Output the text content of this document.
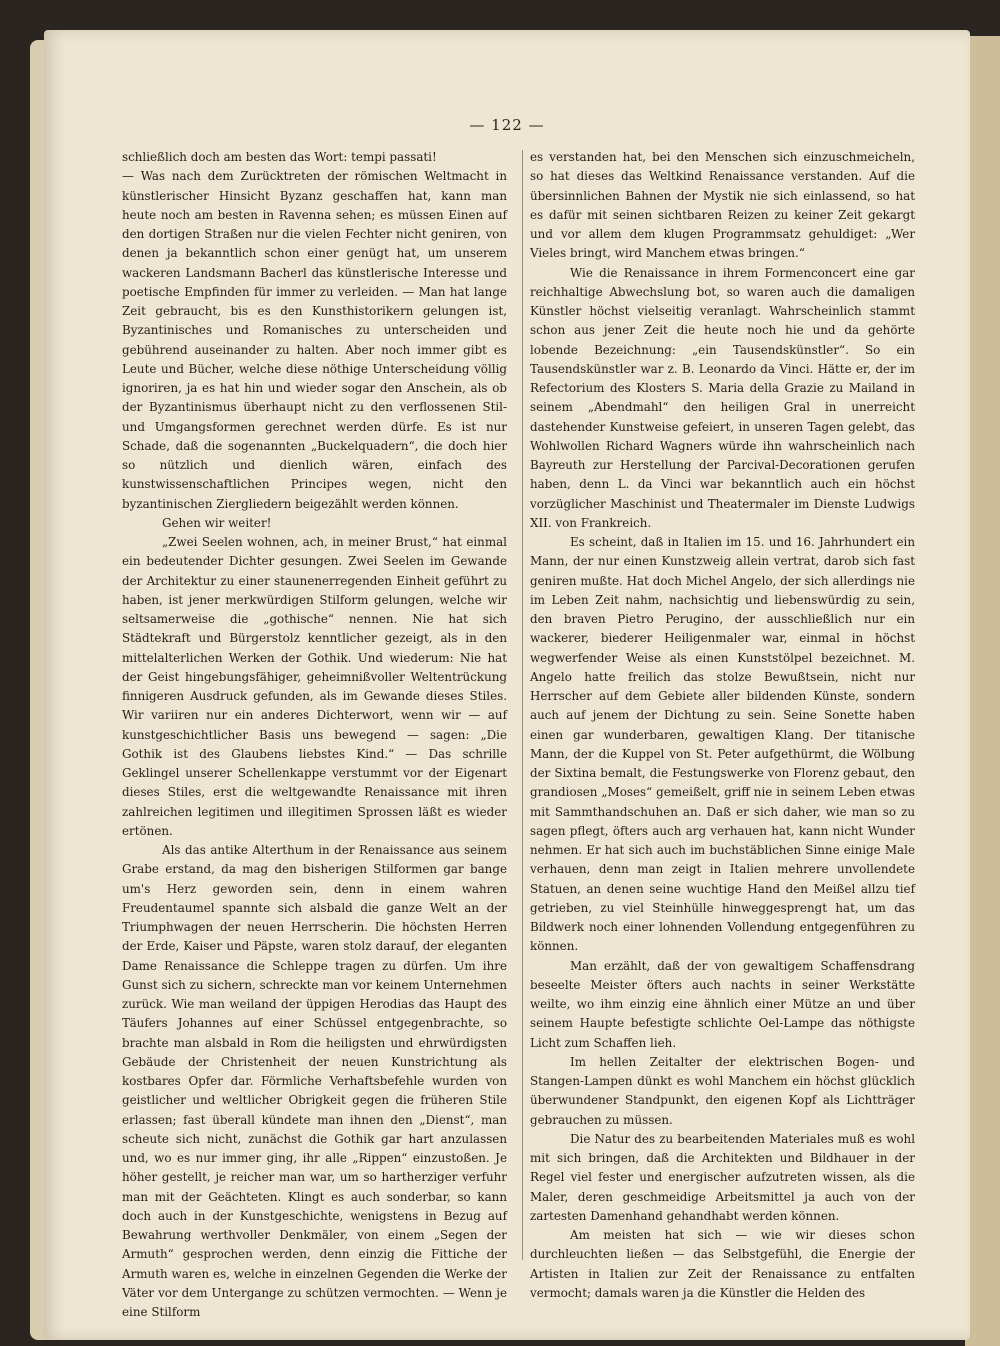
— 122 —

schließlich doch am besten das Wort: tempi passati!

— Was nach dem Zurücktreten der römischen Weltmacht in künstlerischer Hinsicht Byzanz geschaffen hat, kann man heute noch am besten in Ravenna sehen; es müssen Einen auf den dortigen Straßen nur die vielen Fechter nicht geniren, von denen ja bekanntlich schon einer genügt hat, um unserem wackeren Landsmann Bacherl das künstlerische Interesse und poetische Empfinden für immer zu verleiden. — Man hat lange Zeit gebraucht, bis es den Kunsthistorikern gelungen ist, Byzantinisches und Romanisches zu unterscheiden und gebührend auseinander zu halten. Aber noch immer gibt es Leute und Bücher, welche diese nöthige Unterscheidung völlig ignoriren, ja es hat hin und wieder sogar den Anschein, als ob der Byzantinismus überhaupt nicht zu den verflossenen Stil- und Umgangsformen gerechnet werden dürfe. Es ist nur Schade, daß die sogenannten „Buckelquadern“, die doch hier so nützlich und dienlich wären, einfach des kunstwissenschaftlichen Principes wegen, nicht den byzantinischen Ziergliedern beigezählt werden können.

Gehen wir weiter!

„Zwei Seelen wohnen, ach, in meiner Brust,“ hat einmal ein bedeutender Dichter gesungen. Zwei Seelen im Gewande der Architektur zu einer staunenerregenden Einheit geführt zu haben, ist jener merkwürdigen Stilform gelungen, welche wir seltsamerweise die „gothische“ nennen. Nie hat sich Städtekraft und Bürgerstolz kenntlicher gezeigt, als in den mittelalterlichen Werken der Gothik. Und wiederum: Nie hat der Geist hingebungsfähiger, geheimnißvoller Weltentrückung finnigeren Ausdruck gefunden, als im Gewande dieses Stiles. Wir variiren nur ein anderes Dichterwort, wenn wir — auf kunstgeschichtlicher Basis uns bewegend — sagen: „Die Gothik ist des Glaubens liebstes Kind.“ — Das schrille Geklingel unserer Schellenkappe verstummt vor der Eigenart dieses Stiles, erst die weltgewandte Renaissance mit ihren zahlreichen legitimen und illegitimen Sprossen läßt es wieder ertönen.

Als das antike Alterthum in der Renaissance aus seinem Grabe erstand, da mag den bisherigen Stilformen gar bange um's Herz geworden sein, denn in einem wahren Freudentaumel spannte sich alsbald die ganze Welt an der Triumphwagen der neuen Herrscherin. Die höchsten Herren der Erde, Kaiser und Päpste, waren stolz darauf, der eleganten Dame Renaissance die Schleppe tragen zu dürfen. Um ihre Gunst sich zu sichern, schreckte man vor keinem Unternehmen zurück. Wie man weiland der üppigen Herodias das Haupt des Täufers Johannes auf einer Schüssel entgegenbrachte, so brachte man alsbald in Rom die heiligsten und ehrwürdigsten Gebäude der Christenheit der neuen Kunstrichtung als kostbares Opfer dar. Förmliche Verhaftsbefehle wurden von geistlicher und weltlicher Obrigkeit gegen die früheren Stile erlassen; fast überall kündete man ihnen den „Dienst“, man scheute sich nicht, zunächst die Gothik gar hart anzulassen und, wo es nur immer ging, ihr alle „Rippen“ einzustoßen. Je höher gestellt, je reicher man war, um so hartherziger verfuhr man mit der Geächteten. Klingt es auch sonderbar, so kann doch auch in der Kunstgeschichte, wenigstens in Bezug auf Bewahrung werthvoller Denkmäler, von einem „Segen der Armuth“ gesprochen werden, denn einzig die Fittiche der Armuth waren es, welche in einzelnen Gegenden die Werke der Väter vor dem Untergange zu schützen vermochten. — Wenn je eine Stilform

es verstanden hat, bei den Menschen sich einzuschmeicheln, so hat dieses das Weltkind Renaissance verstanden. Auf die übersinnlichen Bahnen der Mystik nie sich einlassend, so hat es dafür mit seinen sichtbaren Reizen zu keiner Zeit gekargt und vor allem dem klugen Programmsatz gehuldiget: „Wer Vieles bringt, wird Manchem etwas bringen.“

Wie die Renaissance in ihrem Formenconcert eine gar reichhaltige Abwechslung bot, so waren auch die damaligen Künstler höchst vielseitig veranlagt. Wahrscheinlich stammt schon aus jener Zeit die heute noch hie und da gehörte lobende Bezeichnung: „ein Tausendskünstler“. So ein Tausendskünstler war z. B. Leonardo da Vinci. Hätte er, der im Refectorium des Klosters S. Maria della Grazie zu Mailand in seinem „Abendmahl“ den heiligen Gral in unerreicht dastehender Kunstweise gefeiert, in unseren Tagen gelebt, das Wohlwollen Richard Wagners würde ihn wahrscheinlich nach Bayreuth zur Herstellung der Parcival-Decorationen gerufen haben, denn L. da Vinci war bekanntlich auch ein höchst vorzüglicher Maschinist und Theatermaler im Dienste Ludwigs XII. von Frankreich.

Es scheint, daß in Italien im 15. und 16. Jahrhundert ein Mann, der nur einen Kunstzweig allein vertrat, darob sich fast geniren mußte. Hat doch Michel Angelo, der sich allerdings nie im Leben Zeit nahm, nachsichtig und liebenswürdig zu sein, den braven Pietro Perugino, der ausschließlich nur ein wackerer, biederer Heiligenmaler war, einmal in höchst wegwerfender Weise als einen Kunststölpel bezeichnet. M. Angelo hatte freilich das stolze Bewußtsein, nicht nur Herrscher auf dem Gebiete aller bildenden Künste, sondern auch auf jenem der Dichtung zu sein. Seine Sonette haben einen gar wunderbaren, gewaltigen Klang. Der titanische Mann, der die Kuppel von St. Peter aufgethürmt, die Wölbung der Sixtina bemalt, die Festungswerke von Florenz gebaut, den grandiosen „Moses“ gemeißelt, griff nie in seinem Leben etwas mit Sammthandschuhen an. Daß er sich daher, wie man so zu sagen pflegt, öfters auch arg verhauen hat, kann nicht Wunder nehmen. Er hat sich auch im buchstäblichen Sinne einige Male verhauen, denn man zeigt in Italien mehrere unvollendete Statuen, an denen seine wuchtige Hand den Meißel allzu tief getrieben, zu viel Steinhülle hinweggesprengt hat, um das Bildwerk noch einer lohnenden Vollendung entgegenführen zu können.

Man erzählt, daß der von gewaltigem Schaffensdrang beseelte Meister öfters auch nachts in seiner Werkstätte weilte, wo ihm einzig eine ähnlich einer Mütze an und über seinem Haupte befestigte schlichte Oel-Lampe das nöthigste Licht zum Schaffen lieh.

Im hellen Zeitalter der elektrischen Bogen- und Stangen-Lampen dünkt es wohl Manchem ein höchst glücklich überwundener Standpunkt, den eigenen Kopf als Lichtträger gebrauchen zu müssen.

Die Natur des zu bearbeitenden Materiales muß es wohl mit sich bringen, daß die Architekten und Bildhauer in der Regel viel fester und energischer aufzutreten wissen, als die Maler, deren geschmeidige Arbeitsmittel ja auch von der zartesten Damenhand gehandhabt werden können.

Am meisten hat sich — wie wir dieses schon durchleuchten ließen — das Selbstgefühl, die Energie der Artisten in Italien zur Zeit der Renaissance zu entfalten vermocht; damals waren ja die Künstler die Helden des
